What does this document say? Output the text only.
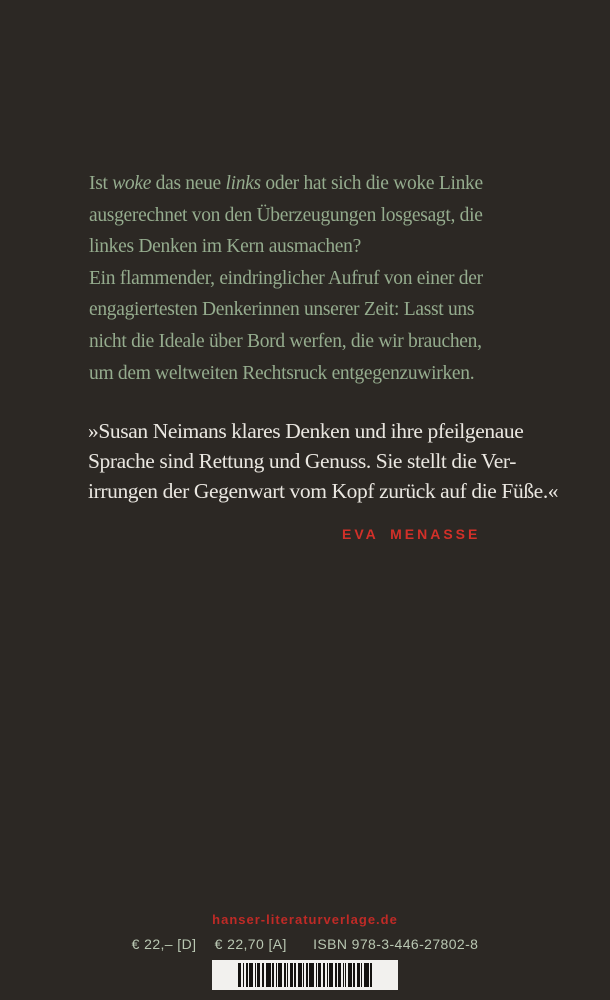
Ist woke das neue links oder hat sich die woke Linke
ausgerechnet von den Überzeugungen losgesagt, die
linkes Denken im Kern ausmachen?
Ein flammender, eindringlicher Aufruf von einer der
engagiertesten Denkerinnen unserer Zeit: Lasst uns
nicht die Ideale über Bord werfen, die wir brauchen,
um dem weltweiten Rechtsruck entgegenzuwirken.
»Susan Neimans klares Denken und ihre pfeilgenaue
Sprache sind Rettung und Genuss. Sie stellt die Ver-
irrungen der Gegenwart vom Kopf zurück auf die Füße.«
EVA MENASSE
hanser-literaturverlage.de
€ 22,– [D] € 22,70 [A] ISBN 978-3-446-27802-8
